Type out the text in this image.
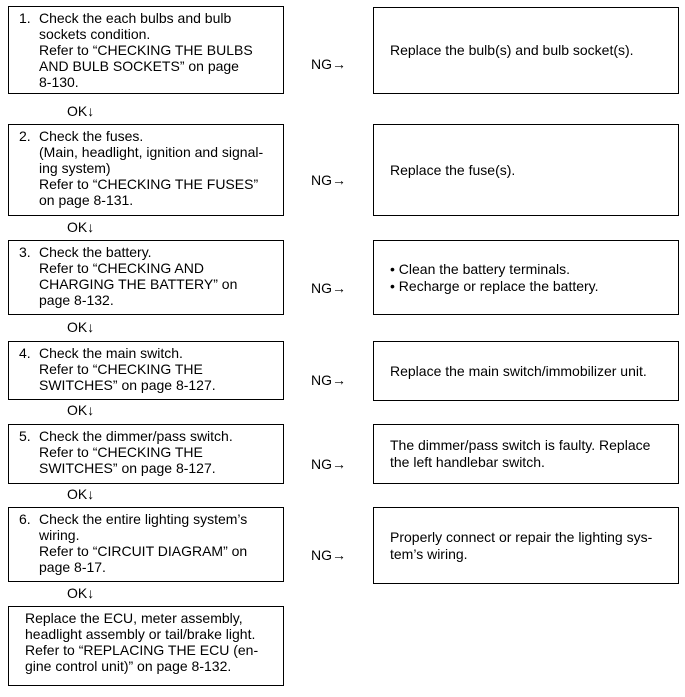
1. Check the each bulbs and bulb
sockets condition.
Refer to “CHECKING THE BULBS
AND BULB SOCKETS” on page
8-130.
NG→
Replace the bulb(s) and bulb socket(s).
OK↓
2. Check the fuses.
(Main, headlight, ignition and signal-
ing system)
Refer to “CHECKING THE FUSES”
on page 8-131.
NG→
Replace the fuse(s).
OK↓
3. Check the battery.
Refer to “CHECKING AND
CHARGING THE BATTERY” on
page 8-132.
NG→
• Clean the battery terminals.
• Recharge or replace the battery.
OK↓
4. Check the main switch.
Refer to “CHECKING THE
SWITCHES” on page 8-127.	NG→
Replace the main switch/immobilizer unit.
OK↓
5. Check the dimmer/pass switch.
Refer to “CHECKING THE
SWITCHES” on page 8-127.	NG→
The dimmer/pass switch is faulty. Replace
the left handlebar switch.
OK↓
6. Check the entire lighting system’s
wiring.
Refer to “CIRCUIT DIAGRAM” on
page 8-17.
NG→
Properly connect or repair the lighting sys-
tem’s wiring.
OK↓
Replace the ECU, meter assembly,
headlight assembly or tail/brake light.
Refer to “REPLACING THE ECU (en-
gine control unit)” on page 8-132.
